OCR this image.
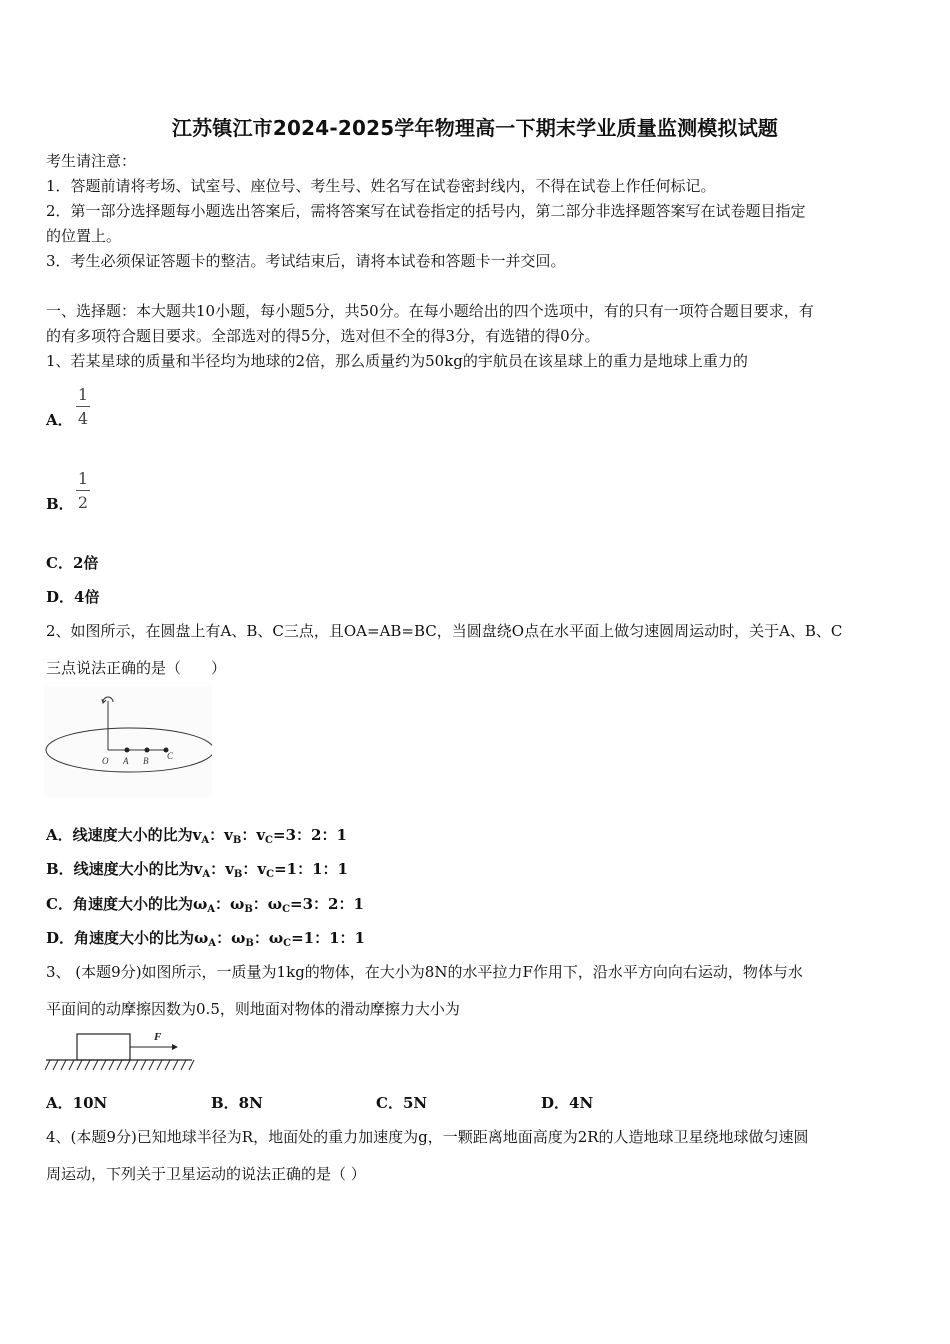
江苏镇江市2024-2025学年物理高一下期末学业质量监测模拟试题
考生请注意：
1．答题前请将考场、试室号、座位号、考生号、姓名写在试卷密封线内，不得在试卷上作任何标记。
2．第一部分选择题每小题选出答案后，需将答案写在试卷指定的括号内，第二部分非选择题答案写在试卷题目指定
的位置上。
3．考生必须保证答题卡的整洁。考试结束后，请将本试卷和答题卡一并交回。
一、选择题：本大题共10小题，每小题5分，共50分。在每小题给出的四个选项中，有的只有一项符合题目要求，有
的有多项符合题目要求。全部选对的得5分，选对但不全的得3分，有选错的得0分。
1、若某星球的质量和半径均为地球的2倍，那么质量约为50kg的宇航员在该星球上的重力是地球上重力的
A．
1
4
B．
1
2
C．2倍
D．4倍
2、如图所示，在圆盘上有A、B、C三点，且OA=AB=BC，当圆盘绕O点在水平面上做匀速圆周运动时，关于A、B、C
三点说法正确的是（　　）
O A B C
A．线速度大小的比为$v_A$：$v_B$：$v_C=3$：2：1
B．线速度大小的比为$v_A$：$v_B$：$v_C=1$：1：1
C．角速度大小的比为$\omega_A$：$\omega_B$：$\omega_C=3$：2：1
D．角速度大小的比为$\omega_A$：$\omega_B$：$\omega_C=1$：1：1
3、 (本题9分)如图所示，一质量为1kg的物体，在大小为8N的水平拉力F作用下，沿水平方向向右运动，物体与水
平面间的动摩擦因数为0.5，则地面对物体的滑动摩擦力大小为
F
A．10N	B．8N	C．5N	D．4N
4、(本题9分)已知地球半径为R，地面处的重力加速度为g，一颗距离地面高度为2R的人造地球卫星绕地球做匀速圆
周运动，下列关于卫星运动的说法正确的是（ ）
